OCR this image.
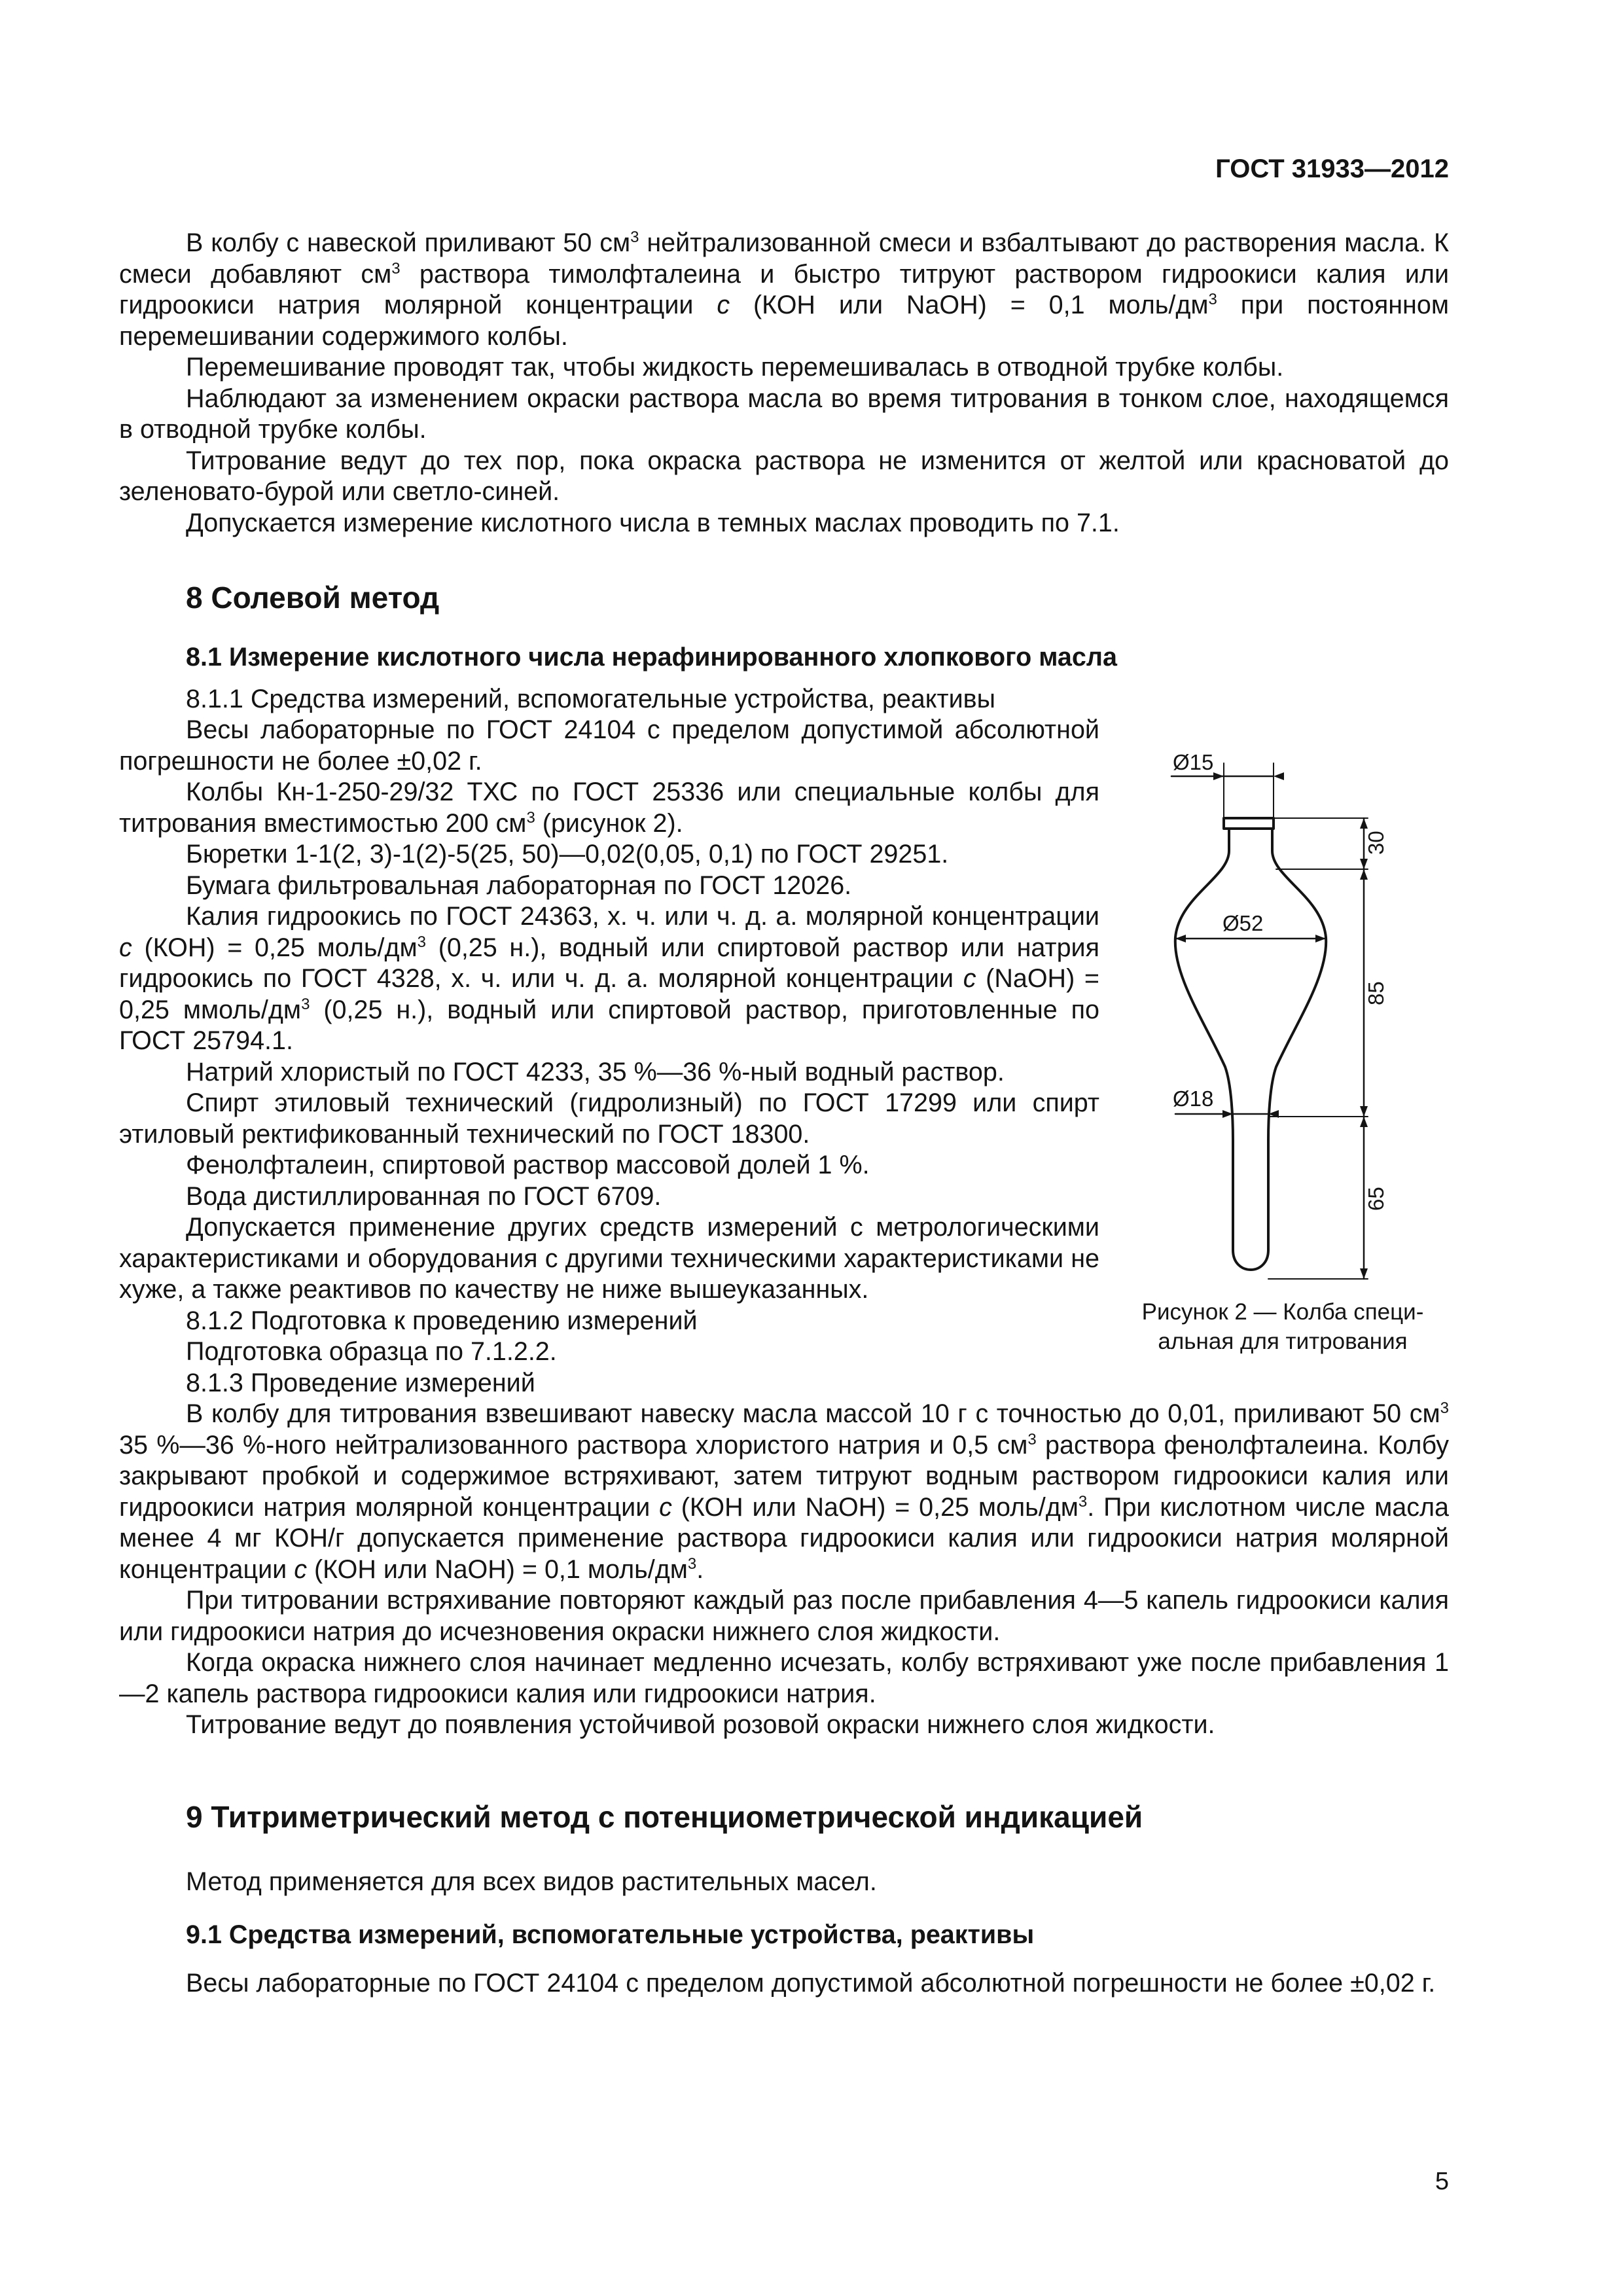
ГОСТ 31933—2012

В колбу с навеской приливают 50 $см^3$ нейтрализованной смеси и взбалтывают до растворения масла. К смеси добавляют $см^3$ раствора тимолфталеина и быстро титруют раствором гидроокиси калия или гидроокиси натрия молярной концентрации с (КОН или NaOH) = 0,1 моль/$дм^3$ при постоянном перемешивании содержимого колбы.

Перемешивание проводят так, чтобы жидкость перемешивалась в отводной трубке колбы.

Наблюдают за изменением окраски раствора масла во время титрования в тонком слое, находящемся в отводной трубке колбы.

Титрование ведут до тех пор, пока окраска раствора не изменится от желтой или красноватой до зеленовато-бурой или светло-синей.

Допускается измерение кислотного числа в темных маслах проводить по 7.1.

8 Солевой метод
8.1 Измерение кислотного числа нерафинированного хлопкового масла

8.1.1 Средства измерений, вспомогательные устройства, реактивы

Весы лабораторные по ГОСТ 24104 с пределом допустимой абсолютной погрешности не более ±0,02 г.

Колбы Кн-1-250-29/32 ТХС по ГОСТ 25336 или специальные колбы для титрования вместимостью 200 $см^3$ (рисунок 2).

Бюретки 1-1(2, 3)-1(2)-5(25, 50)—0,02(0,05, 0,1) по ГОСТ 29251.

Бумага фильтровальная лабораторная по ГОСТ 12026.

Калия гидроокись по ГОСТ 24363, х. ч. или ч. д. а. молярной концентрации с (КОН) = 0,25 моль/$дм^3$ (0,25 н.), водный или спиртовой раствор или натрия гидроокись по ГОСТ 4328, х. ч. или ч. д. а. молярной концентрации с (NaOH) = 0,25 ммоль/$дм^3$ (0,25 н.), водный или спиртовой раствор, приготовленные по ГОСТ 25794.1.

Натрий хлористый по ГОСТ 4233, 35 %—36 %-ный водный раствор.

Спирт этиловый технический (гидролизный) по ГОСТ 17299 или спирт этиловый ректификованный технический по ГОСТ 18300.

Фенолфталеин, спиртовой раствор массовой долей 1 %.

Вода дистиллированная по ГОСТ 6709.

Допускается применение других средств измерений с метрологическими характеристиками и оборудования с другими техническими характеристиками не хуже, а также реактивов по качеству не ниже вышеуказанных.

8.1.2 Подготовка к проведению измерений

Подготовка образца по 7.1.2.2.

8.1.3 Проведение измерений

В колбу для титрования взвешивают навеску масла массой 10 г с точностью до 0,01, приливают 50 $см^3$ 35 %—36 %-ного нейтрализованного раствора хлористого натрия и 0,5 $см^3$ раствора фенолфталеина. Колбу закрывают пробкой и содержимое встряхивают, затем титруют водным раствором гидроокиси калия или гидроокиси натрия молярной концентрации с (КОН или NaOH) = 0,25 моль/$дм^3$. При кислотном числе масла менее 4 мг КОН/г допускается применение раствора гидроокиси калия или гидроокиси натрия молярной концентрации с (КОН или NaOH) = 0,1 моль/$дм^3$.

При титровании встряхивание повторяют каждый раз после прибавления 4—5 капель гидроокиси калия или гидроокиси натрия до исчезновения окраски нижнего слоя жидкости.

Когда окраска нижнего слоя начинает медленно исчезать, колбу встряхивают уже после прибавления 1—2 капель раствора гидроокиси калия или гидроокиси натрия.

Титрование ведут до появления устойчивой розовой окраски нижнего слоя жидкости.

9 Титриметрический метод с потенциометрической индикацией

Метод применяется для всех видов растительных масел.

9.1 Средства измерений, вспомогательные устройства, реактивы

Весы лабораторные по ГОСТ 24104 с пределом допустимой абсолютной погрешности не более ±0,02 г.

Ø15
Ø52
Ø18
30
85
65
Рисунок 2 — Колба специ-
альная для титрования
5
